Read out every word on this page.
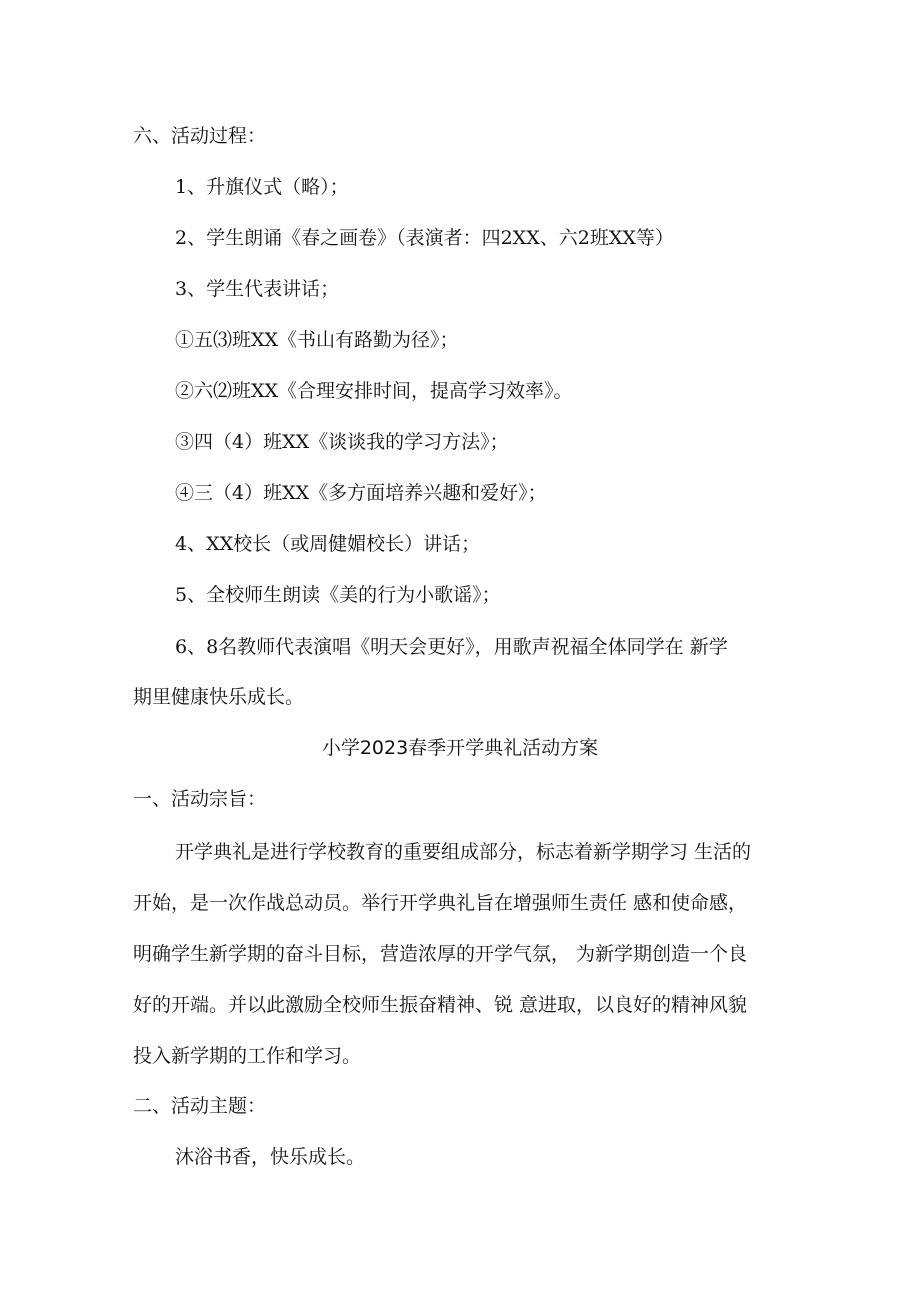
六、活动过程：
1、升旗仪式（略）；
2、学生朗诵《春之画卷》（表演者：四2XX、六2班XX等）
3、学生代表讲话；
①五⑶班XX《书山有路勤为径》；
②六⑵班XX《合理安排时间，提高学习效率》。
③四（4）班XX《谈谈我的学习方法》；
④三（4）班XX《多方面培养兴趣和爱好》；
4、XX校长（或周健媚校长）讲话；
5、全校师生朗读《美的行为小歌谣》；
6、8名教师代表演唱《明天会更好》，用歌声祝福全体同学在 新学
期里健康快乐成长。
小学2023春季开学典礼活动方案
一、活动宗旨：
开学典礼是进行学校教育的重要组成部分，标志着新学期学习 生活的
开始，是一次作战总动员。举行开学典礼旨在增强师生责任 感和使命感，
明确学生新学期的奋斗目标，营造浓厚的开学气氛， 为新学期创造一个良
好的开端。并以此激励全校师生振奋精神、锐 意进取，以良好的精神风貌
投入新学期的工作和学习。
二、活动主题：
沐浴书香，快乐成长。
